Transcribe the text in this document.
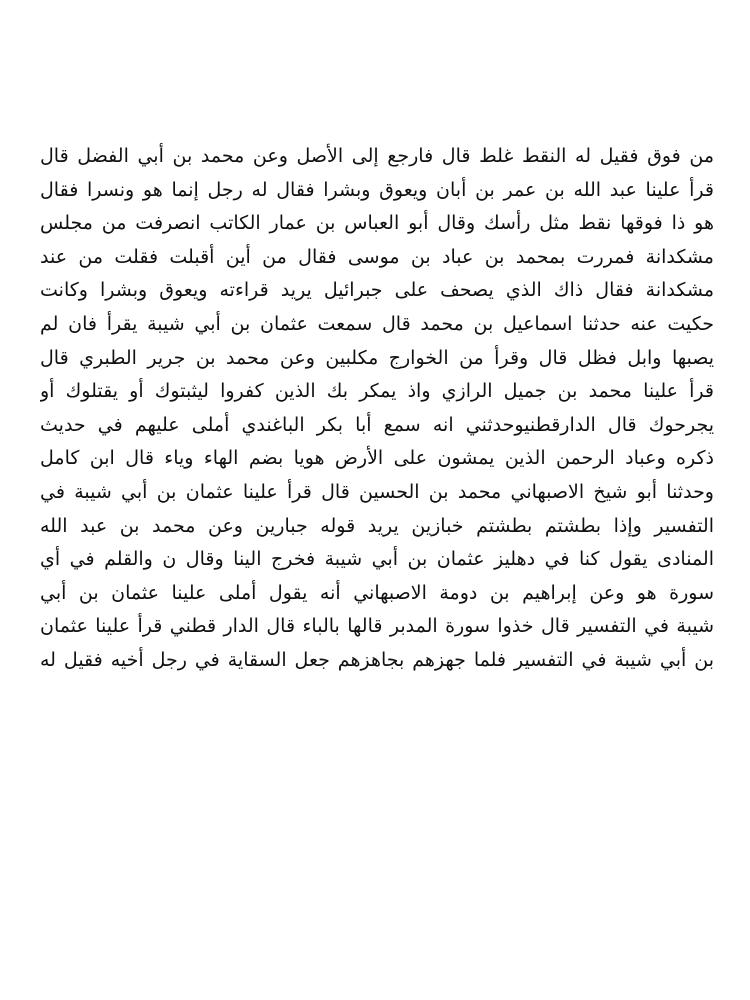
من فوق فقيل له النقط غلط قال فارجع إلى الأصل وعن محمد بن أبي الفضل قال
قرأ علينا عبد الله بن عمر بن أبان ويعوق وبشرا فقال له رجل إنما هو ونسرا فقال
هو ذا فوقها نقط مثل رأسك وقال أبو العباس بن عمار الكاتب انصرفت من مجلس
مشكدانة فمررت بمحمد بن عباد بن موسى فقال من أين أقبلت فقلت من عند
مشكدانة فقال ذاك الذي يصحف على جبرائيل يريد قراءته ويعوق وبشرا وكانت
حكيت عنه حدثنا اسماعيل بن محمد قال سمعت عثمان بن أبي شيبة يقرأ فان لم
يصبها وابل فظل قال وقرأ من الخوارج مكلبين وعن محمد بن جرير الطبري قال
قرأ علينا محمد بن جميل الرازي واذ يمكر بك الذين كفروا ليثبتوك أو يقتلوك أو
يجرحوك قال الدارقطنيوحدثني انه سمع أبا بكر الباغندي أملى عليهم في حديث
ذكره وعباد الرحمن الذين يمشون على الأرض هويا بضم الهاء وياء قال ابن كامل
وحدثنا أبو شيخ الاصبهاني محمد بن الحسين قال قرأ علينا عثمان بن أبي شيبة في
التفسير وإذا بطشتم بطشتم خبازين يريد قوله جبارين وعن محمد بن عبد الله
المنادى يقول كنا في دهليز عثمان بن أبي شيبة فخرج الينا وقال ن والقلم في أي
سورة هو وعن إبراهيم بن دومة الاصبهاني أنه يقول أملى علينا عثمان بن أبي
شيبة في التفسير قال خذوا سورة المدبر قالها بالباء قال الدار قطني قرأ علينا عثمان
بن أبي شيبة في التفسير فلما جهزهم بجاهزهم جعل السقاية في رجل أخيه فقيل له
